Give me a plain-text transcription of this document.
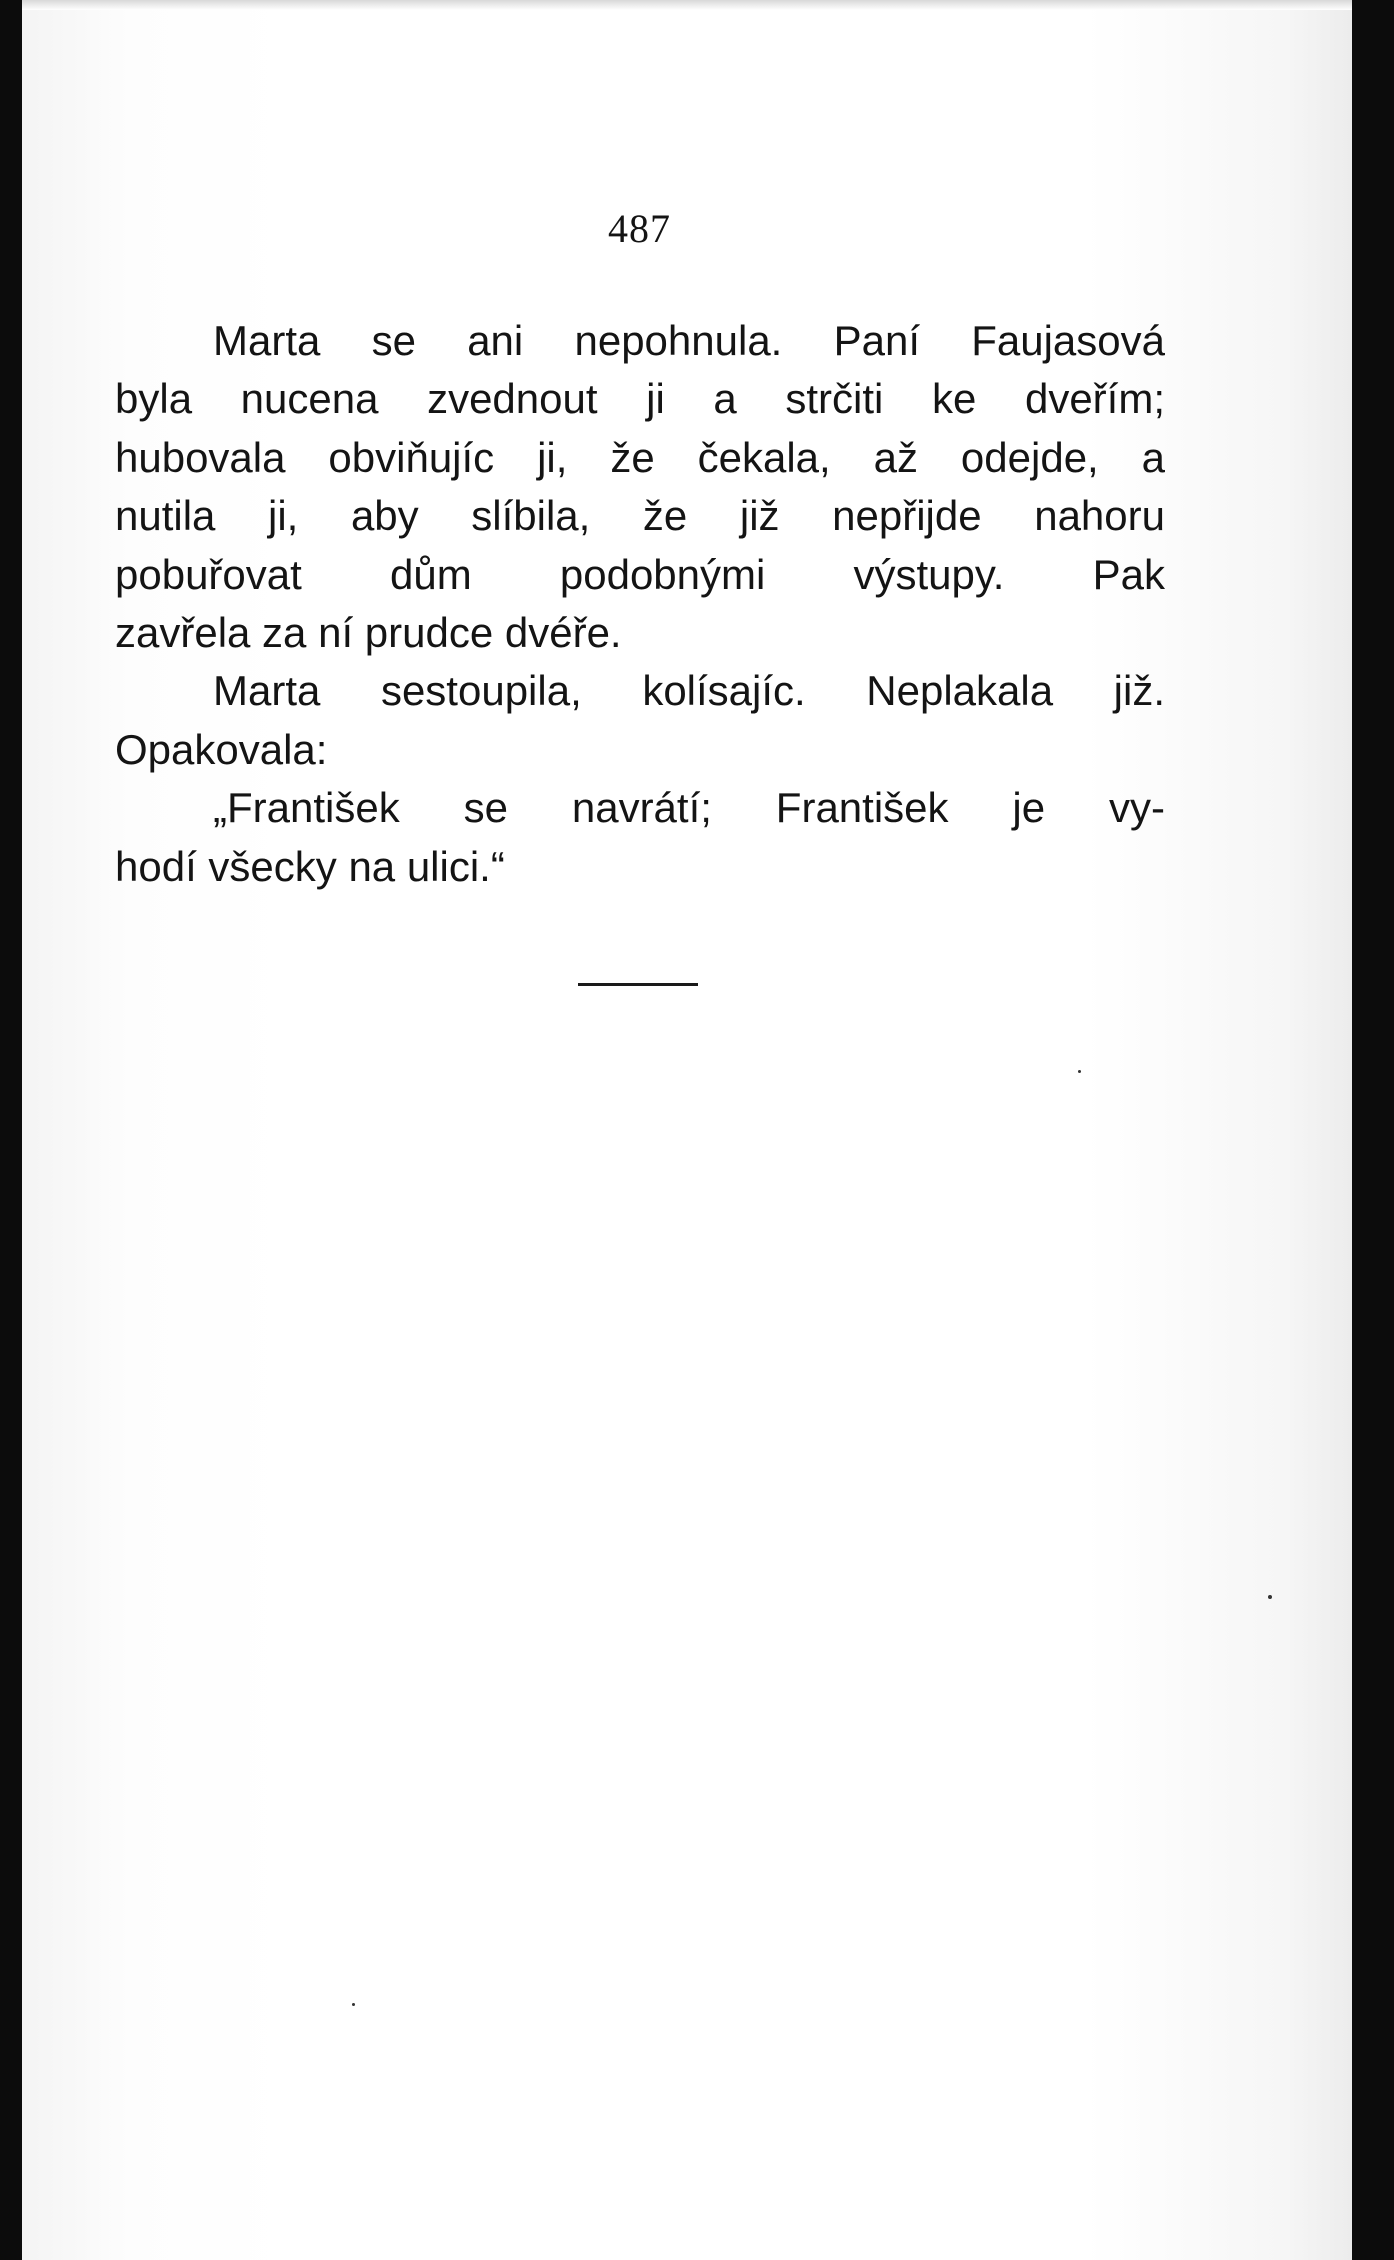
487
Marta se ani nepohnula. Paní Faujasová
byla nucena zvednout ji a strčiti ke dveřím;
hubovala obviňujíc ji, že čekala, až odejde, a
nutila ji, aby slíbila, že již nepřijde nahoru
pobuřovat dům podobnými výstupy. Pak
zavřela za ní prudce dvéře.
Marta sestoupila, kolísajíc. Neplakala již.
Opakovala:
„František se navrátí; František je vy-
hodí všecky na ulici.“
